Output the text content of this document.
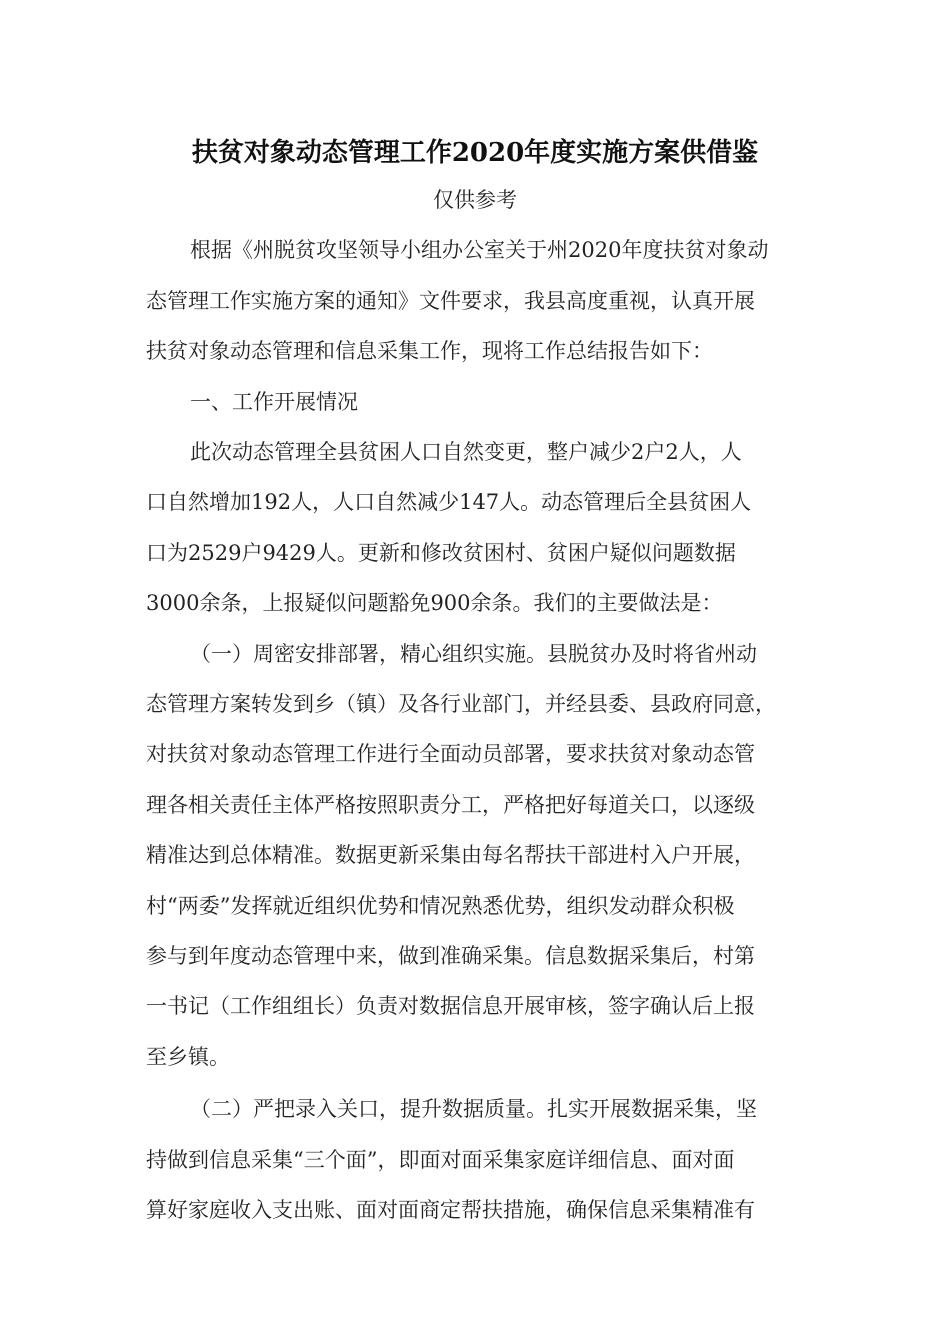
扶贫对象动态管理工作2020年度实施方案供借鉴
仅供参考

根据《州脱贫攻坚领导小组办公室关于州2020年度扶贫对象动

态管理工作实施方案的通知》文件要求，我县高度重视，认真开展

扶贫对象动态管理和信息采集工作，现将工作总结报告如下：

一、工作开展情况

此次动态管理全县贫困人口自然变更，整户减少2户2人，人

口自然增加192人，人口自然减少147人。动态管理后全县贫困人

口为2529户9429人。更新和修改贫困村、贫困户疑似问题数据

3000余条，上报疑似问题豁免900余条。我们的主要做法是：

（一）周密安排部署，精心组织实施。县脱贫办及时将省州动

态管理方案转发到乡（镇）及各行业部门，并经县委、县政府同意，

对扶贫对象动态管理工作进行全面动员部署，要求扶贫对象动态管

理各相关责任主体严格按照职责分工，严格把好每道关口，以逐级

精准达到总体精准。数据更新采集由每名帮扶干部进村入户开展，

村“两委”发挥就近组织优势和情况熟悉优势，组织发动群众积极

参与到年度动态管理中来，做到准确采集。信息数据采集后，村第

一书记（工作组组长）负责对数据信息开展审核，签字确认后上报

至乡镇。

（二）严把录入关口，提升数据质量。扎实开展数据采集，坚

持做到信息采集“三个面”，即面对面采集家庭详细信息、面对面

算好家庭收入支出账、面对面商定帮扶措施，确保信息采集精准有
